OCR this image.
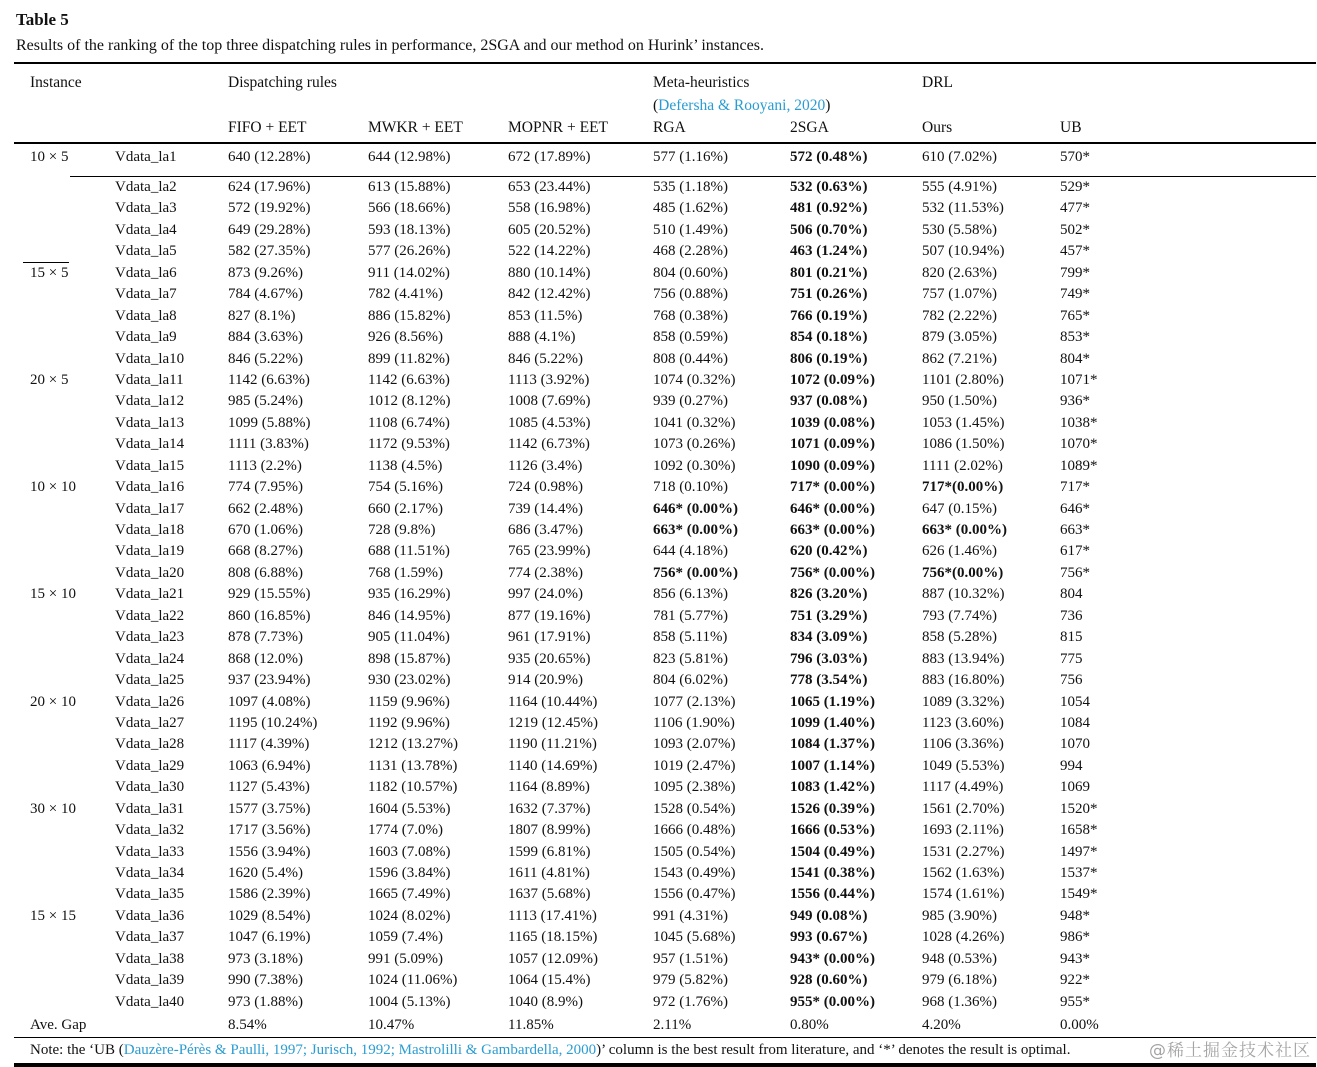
Table 5
Results of the ranking of the top three dispatching rules in performance, 2SGA and our method on Hurink’ instances.
Instance	Dispatching rules	Meta-heuristics	DRL
(Defersha & Rooyani, 2020)
FIFO + EET	MWKR + EET	MOPNR + EET	RGA	2SGA	Ours	UB
10 × 5	Vdata_la1	640 (12.28%)	644 (12.98%)	672 (17.89%)	577 (1.16%)	572 (0.48%)	610 (7.02%)	570*
Vdata_la2	624 (17.96%)	613 (15.88%)	653 (23.44%)	535 (1.18%)	532 (0.63%)	555 (4.91%)	529*
Vdata_la3	572 (19.92%)	566 (18.66%)	558 (16.98%)	485 (1.62%)	481 (0.92%)	532 (11.53%)	477*
Vdata_la4	649 (29.28%)	593 (18.13%)	605 (20.52%)	510 (1.49%)	506 (0.70%)	530 (5.58%)	502*
Vdata_la5	582 (27.35%)	577 (26.26%)	522 (14.22%)	468 (2.28%)	463 (1.24%)	507 (10.94%)	457*
15 × 5	Vdata_la6	873 (9.26%)	911 (14.02%)	880 (10.14%)	804 (0.60%)	801 (0.21%)	820 (2.63%)	799*
Vdata_la7	784 (4.67%)	782 (4.41%)	842 (12.42%)	756 (0.88%)	751 (0.26%)	757 (1.07%)	749*
Vdata_la8	827 (8.1%)	886 (15.82%)	853 (11.5%)	768 (0.38%)	766 (0.19%)	782 (2.22%)	765*
Vdata_la9	884 (3.63%)	926 (8.56%)	888 (4.1%)	858 (0.59%)	854 (0.18%)	879 (3.05%)	853*
Vdata_la10	846 (5.22%)	899 (11.82%)	846 (5.22%)	808 (0.44%)	806 (0.19%)	862 (7.21%)	804*
20 × 5	Vdata_la11	1142 (6.63%)	1142 (6.63%)	1113 (3.92%)	1074 (0.32%)	1072 (0.09%)	1101 (2.80%)	1071*
Vdata_la12	985 (5.24%)	1012 (8.12%)	1008 (7.69%)	939 (0.27%)	937 (0.08%)	950 (1.50%)	936*
Vdata_la13	1099 (5.88%)	1108 (6.74%)	1085 (4.53%)	1041 (0.32%)	1039 (0.08%)	1053 (1.45%)	1038*
Vdata_la14	1111 (3.83%)	1172 (9.53%)	1142 (6.73%)	1073 (0.26%)	1071 (0.09%)	1086 (1.50%)	1070*
Vdata_la15	1113 (2.2%)	1138 (4.5%)	1126 (3.4%)	1092 (0.30%)	1090 (0.09%)	1111 (2.02%)	1089*
10 × 10	Vdata_la16	774 (7.95%)	754 (5.16%)	724 (0.98%)	718 (0.10%)	717* (0.00%)	717*(0.00%)	717*
Vdata_la17	662 (2.48%)	660 (2.17%)	739 (14.4%)	646* (0.00%)	646* (0.00%)	647 (0.15%)	646*
Vdata_la18	670 (1.06%)	728 (9.8%)	686 (3.47%)	663* (0.00%)	663* (0.00%)	663* (0.00%)	663*
Vdata_la19	668 (8.27%)	688 (11.51%)	765 (23.99%)	644 (4.18%)	620 (0.42%)	626 (1.46%)	617*
Vdata_la20	808 (6.88%)	768 (1.59%)	774 (2.38%)	756* (0.00%)	756* (0.00%)	756*(0.00%)	756*
15 × 10	Vdata_la21	929 (15.55%)	935 (16.29%)	997 (24.0%)	856 (6.13%)	826 (3.20%)	887 (10.32%)	804
Vdata_la22	860 (16.85%)	846 (14.95%)	877 (19.16%)	781 (5.77%)	751 (3.29%)	793 (7.74%)	736
Vdata_la23	878 (7.73%)	905 (11.04%)	961 (17.91%)	858 (5.11%)	834 (3.09%)	858 (5.28%)	815
Vdata_la24	868 (12.0%)	898 (15.87%)	935 (20.65%)	823 (5.81%)	796 (3.03%)	883 (13.94%)	775
Vdata_la25	937 (23.94%)	930 (23.02%)	914 (20.9%)	804 (6.02%)	778 (3.54%)	883 (16.80%)	756
20 × 10	Vdata_la26	1097 (4.08%)	1159 (9.96%)	1164 (10.44%)	1077 (2.13%)	1065 (1.19%)	1089 (3.32%)	1054
Vdata_la27	1195 (10.24%)	1192 (9.96%)	1219 (12.45%)	1106 (1.90%)	1099 (1.40%)	1123 (3.60%)	1084
Vdata_la28	1117 (4.39%)	1212 (13.27%)	1190 (11.21%)	1093 (2.07%)	1084 (1.37%)	1106 (3.36%)	1070
Vdata_la29	1063 (6.94%)	1131 (13.78%)	1140 (14.69%)	1019 (2.47%)	1007 (1.14%)	1049 (5.53%)	994
Vdata_la30	1127 (5.43%)	1182 (10.57%)	1164 (8.89%)	1095 (2.38%)	1083 (1.42%)	1117 (4.49%)	1069
30 × 10	Vdata_la31	1577 (3.75%)	1604 (5.53%)	1632 (7.37%)	1528 (0.54%)	1526 (0.39%)	1561 (2.70%)	1520*
Vdata_la32	1717 (3.56%)	1774 (7.0%)	1807 (8.99%)	1666 (0.48%)	1666 (0.53%)	1693 (2.11%)	1658*
Vdata_la33	1556 (3.94%)	1603 (7.08%)	1599 (6.81%)	1505 (0.54%)	1504 (0.49%)	1531 (2.27%)	1497*
Vdata_la34	1620 (5.4%)	1596 (3.84%)	1611 (4.81%)	1543 (0.49%)	1541 (0.38%)	1562 (1.63%)	1537*
Vdata_la35	1586 (2.39%)	1665 (7.49%)	1637 (5.68%)	1556 (0.47%)	1556 (0.44%)	1574 (1.61%)	1549*
15 × 15	Vdata_la36	1029 (8.54%)	1024 (8.02%)	1113 (17.41%)	991 (4.31%)	949 (0.08%)	985 (3.90%)	948*
Vdata_la37	1047 (6.19%)	1059 (7.4%)	1165 (18.15%)	1045 (5.68%)	993 (0.67%)	1028 (4.26%)	986*
Vdata_la38	973 (3.18%)	991 (5.09%)	1057 (12.09%)	957 (1.51%)	943* (0.00%)	948 (0.53%)	943*
Vdata_la39	990 (7.38%)	1024 (11.06%)	1064 (15.4%)	979 (5.82%)	928 (0.60%)	979 (6.18%)	922*
Vdata_la40	973 (1.88%)	1004 (5.13%)	1040 (8.9%)	972 (1.76%)	955* (0.00%)	968 (1.36%)	955*
Ave. Gap	8.54%	10.47%	11.85%	2.11%	0.80%	4.20%	0.00%
Note: the ‘UB (Dauzère-Pérès & Paulli, 1997; Jurisch, 1992; Mastrolilli & Gambardella, 2000)’ column is the best result from literature, and ‘*’ denotes the result is optimal.	@稀土掘金技术社区
